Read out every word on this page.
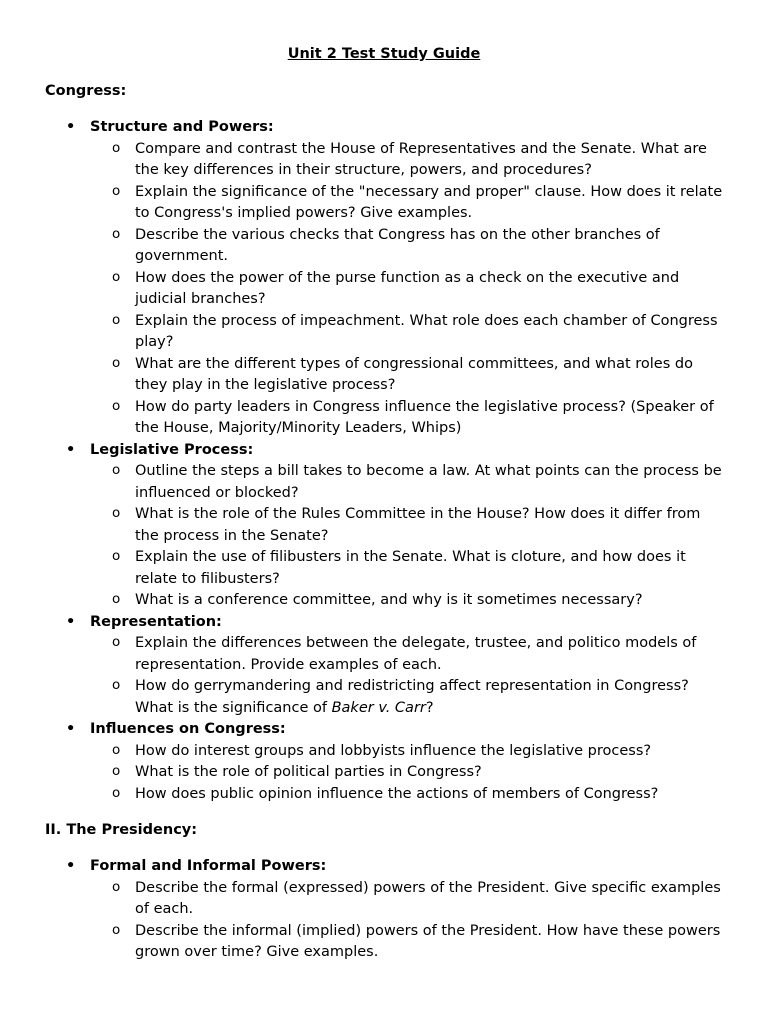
Unit 2 Test Study Guide
Congress:
• Structure and Powers:
o Compare and contrast the House of Representatives and the Senate. What are the key differences in their structure, powers, and procedures?
o Explain the significance of the "necessary and proper" clause. How does it relate to Congress's implied powers? Give examples.
o Describe the various checks that Congress has on the other branches of government.
o How does the power of the purse function as a check on the executive and judicial branches?
o Explain the process of impeachment. What role does each chamber of Congress play?
o What are the different types of congressional committees, and what roles do they play in the legislative process?
o How do party leaders in Congress influence the legislative process? (Speaker of the House, Majority/Minority Leaders, Whips)
• Legislative Process:
o Outline the steps a bill takes to become a law. At what points can the process be influenced or blocked?
o What is the role of the Rules Committee in the House? How does it differ from the process in the Senate?
o Explain the use of filibusters in the Senate. What is cloture, and how does it relate to filibusters?
o What is a conference committee, and why is it sometimes necessary?
• Representation:
o Explain the differences between the delegate, trustee, and politico models of representation. Provide examples of each.
o How do gerrymandering and redistricting affect representation in Congress? What is the significance of Baker v. Carr?
• Influences on Congress:
o How do interest groups and lobbyists influence the legislative process?
o What is the role of political parties in Congress?
o How does public opinion influence the actions of members of Congress?
II. The Presidency:
• Formal and Informal Powers:
o Describe the formal (expressed) powers of the President. Give specific examples of each.
o Describe the informal (implied) powers of the President. How have these powers grown over time? Give examples.
